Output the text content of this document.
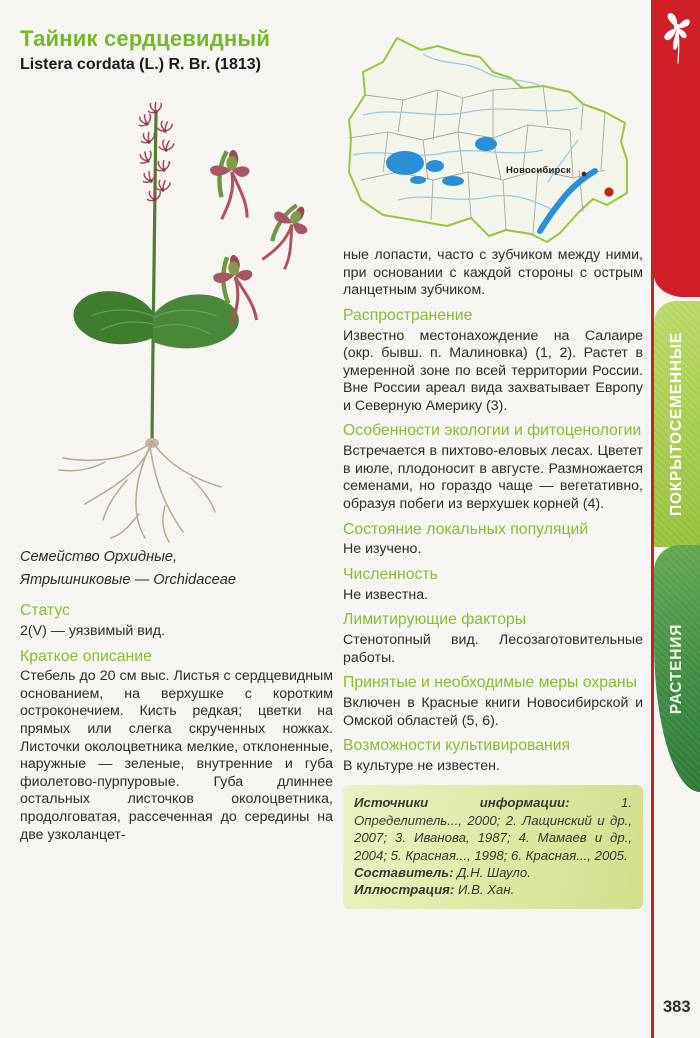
Тайник сердцевидный
Listera cordata (L.) R. Br. (1813)
Новосибирск

Семейство Орхидные,
Ятрышниковые — Orchidaceae

Статус

2(V) — уязвимый вид.

Краткое описание

Стебель до 20 см выс. Листья с сердцевидным основанием, на верхушке с коротким остроконечием. Кисть редкая; цветки на прямых или слегка скрученных ножках. Листочки околоцветника мелкие, отклоненные, наружные — зеленые, внутренние и губа фиолетово-пурпуровые. Губа длиннее остальных листочков околоцветника, продолговатая, рассеченная до середины на две узколанцет-

ные лопасти, часто с зубчиком между ними, при основании с каждой стороны с острым ланцетным зубчиком.

Распространение

Известно местонахождение на Салаире (окр. бывш. п. Малиновка) (1, 2). Растет в умеренной зоне по всей территории России. Вне России ареал вида захватывает Европу и Северную Америку (3).

Особенности экологии и фитоценологии

Встречается в пихтово-еловых лесах. Цветет в июле, плодоносит в августе. Размножается семенами, но гораздо чаще — вегетативно, образуя побеги из верхушек корней (4).

Состояние локальных популяций

Не изучено.

Численность

Не известна.

Лимитирующие факторы

Стенотопный вид. Лесозаготовительные работы.

Принятые и необходимые меры охраны

Включен в Красные книги Новосибирской и Омской областей (5, 6).

Возможности культивирования

В культуре не известен.

Источники информации:	1. Определитель..., 2000; 2. Лащинский и др., 2007; 3. Иванова, 1987; 4. Мамаев и др., 2004; 5. Красная..., 1998; 6. Красная..., 2005.

Составитель: Д.Н. Шауло.

Иллюстрация: И.В. Хан.

ПОКРЫТОСЕМЕННЫЕ
РАСТЕНИЯ
383
